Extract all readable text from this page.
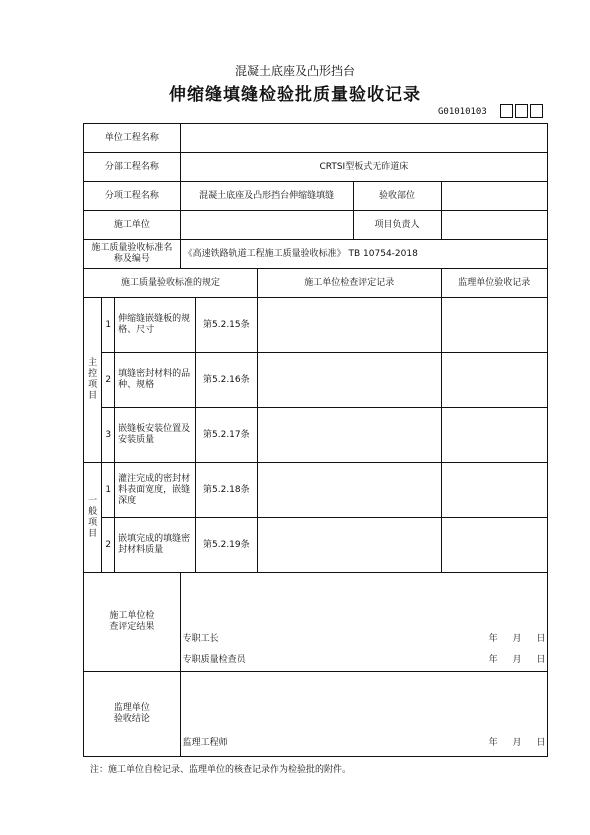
混凝土底座及凸形挡台
伸缩缝填缝检验批质量验收记录
G01010103
单位工程名称							
分部工程名称			CRTSⅠ型板式无砟道床				
分项工程名称			混凝土底座及凸形挡台伸缩缝填缝			验收部位	
施工单位						项目负责人	
施工质量验收标准名称及编号			《高速铁路轨道工程施工质量验收标准》 TB 10754-2018				
施工质量验收标准的规定					施工单位检查评定记录		监理单位验收记录
主
控
项
目	1	伸缩缝嵌缝板的规格、尺寸		第5.2.15条			
	2	填缝密封材料的品种、规格		第5.2.16条			
	3	嵌缝板安装位置及安装质量		第5.2.17条			
一
般
项
目	1	灌注完成的密封材料表面宽度，嵌缝深度		第5.2.18条			
	2	嵌填完成的填缝密封材料质量		第5.2.19条			
施工单位检查评定结果			专职工长 年 月 日
专职质量检查员 年 月 日				

监理单位验收结论			监理工程师 年 月 日				
注：施工单位自检记录、监理单位的核查记录作为检验批的附件。
